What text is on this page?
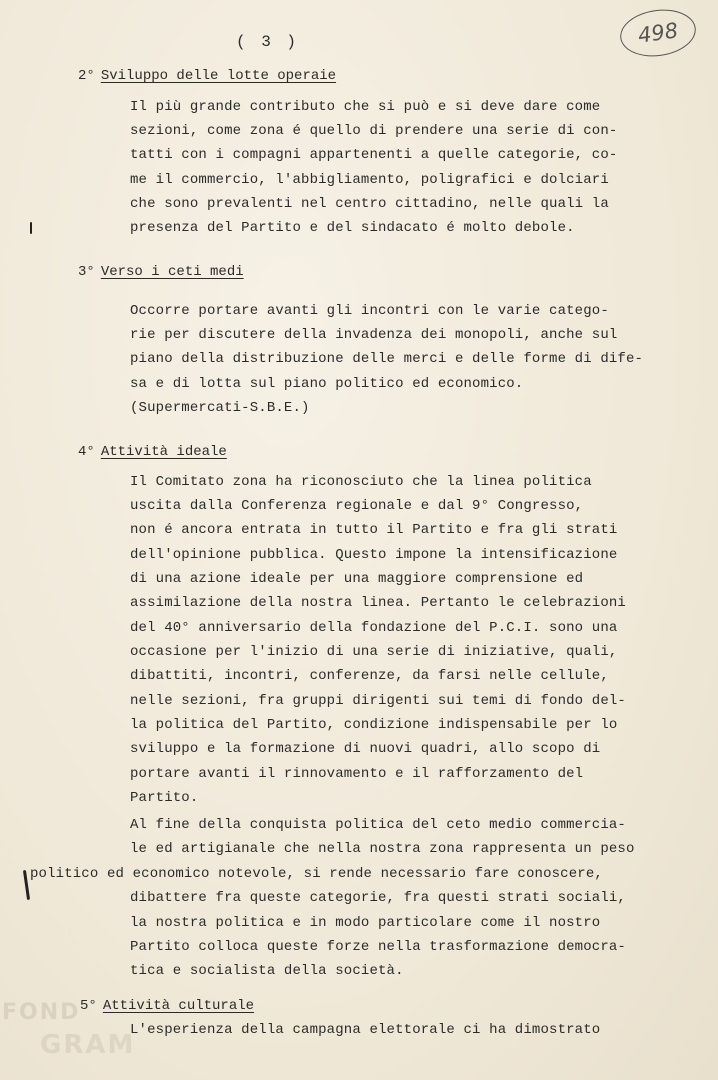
( 3 )	498
2° Sviluppo delle lotte operaie
Il più grande contributo che si può e si deve dare come
sezioni, come zona é quello di prendere una serie di con-
tatti con i compagni appartenenti a quelle categorie, co-
me il commercio, l'abbigliamento, poligrafici e dolciari
che sono prevalenti nel centro cittadino, nelle quali la
presenza del Partito e del sindacato é molto debole.
3° Verso i ceti medi
Occorre portare avanti gli incontri con le varie catego-
rie per discutere della invadenza dei monopoli, anche sul
piano della distribuzione delle merci e delle forme di dife-
sa e di lotta sul piano politico ed economico.
(Supermercati-S.B.E.)
4° Attività ideale
Il Comitato zona ha riconosciuto che la linea politica
uscita dalla Conferenza regionale e dal 9° Congresso,
non é ancora entrata in tutto il Partito e fra gli strati
dell'opinione pubblica. Questo impone la intensificazione
di una azione ideale per una maggiore comprensione ed
assimilazione della nostra linea. Pertanto le celebrazioni
del 40° anniversario della fondazione del P.C.I. sono una
occasione per l'inizio di una serie di iniziative, quali,
dibattiti, incontri, conferenze, da farsi nelle cellule,
nelle sezioni, fra gruppi dirigenti sui temi di fondo del-
la politica del Partito, condizione indispensabile per lo
sviluppo e la formazione di nuovi quadri, allo scopo di
portare avanti il rinnovamento e il rafforzamento del
Partito.
Al fine della conquista politica del ceto medio commercia-
le ed artigianale che nella nostra zona rappresenta un peso
politico ed economico notevole, si rende necessario fare conoscere,
dibattere fra queste categorie, fra questi strati sociali,
la nostra politica e in modo particolare come il nostro
Partito colloca queste forze nella trasformazione democra-
tica e socialista della società.
5° Attività culturale
L'esperienza della campagna elettorale ci ha dimostrato
FOND
GRAM
